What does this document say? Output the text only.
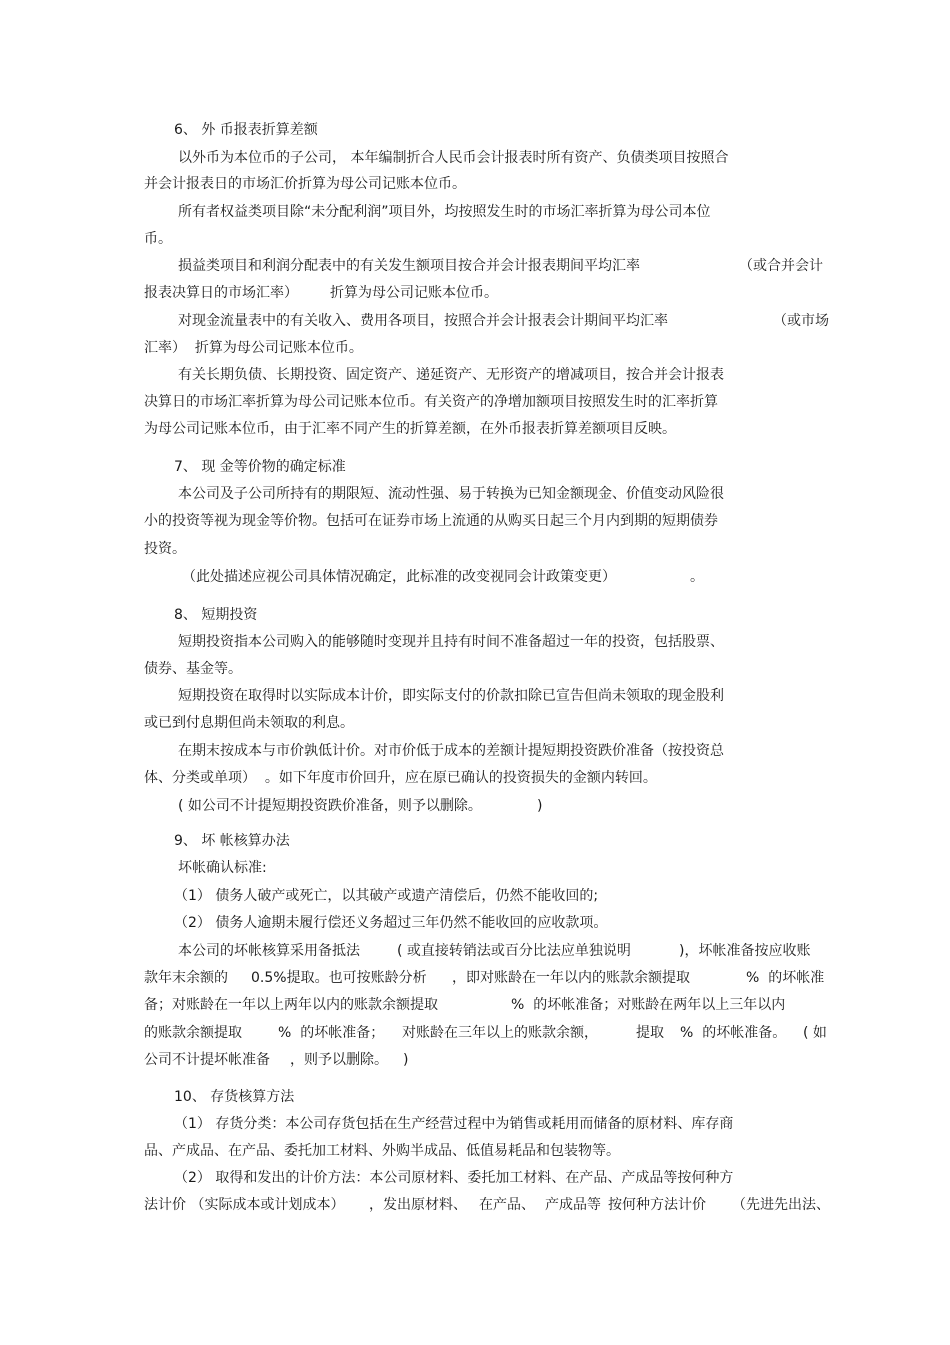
6、 外 币报表折算差额
以外币为本位币的子公司， 本年编制折合人民币会计报表时所有资产、负债类项目按照合
并会计报表日的市场汇价折算为母公司记账本位币。
所有者权益类项目除“未分配利润”项目外，均按照发生时的市场汇率折算为母公司本位
币。
损益类项目和利润分配表中的有关发生额项目按合并会计报表期间平均汇率	（或合并会计
报表决算日的市场汇率） 折算为母公司记账本位币。
对现金流量表中的有关收入、费用各项目，按照合并会计报表会计期间平均汇率	（或市场
汇率）  折算为母公司记账本位币。
有关长期负债、长期投资、固定资产、递延资产、无形资产的增减项目，按合并会计报表
决算日的市场汇率折算为母公司记账本位币。有关资产的净增加额项目按照发生时的汇率折算
为母公司记账本位币，由于汇率不同产生的折算差额，在外币报表折算差额项目反映。
7、 现 金等价物的确定标准
本公司及子公司所持有的期限短、流动性强、易于转换为已知金额现金、价值变动风险很
小的投资等视为现金等价物。包括可在证券市场上流通的从购买日起三个月内到期的短期债券
投资。
（此处描述应视公司具体情况确定，此标准的改变视同会计政策变更）	。
8、 短期投资
短期投资指本公司购入的能够随时变现并且持有时间不准备超过一年的投资，包括股票、
债券、基金等。
短期投资在取得时以实际成本计价，即实际支付的价款扣除已宣告但尚未领取的现金股利
或已到付息期但尚未领取的利息。
在期末按成本与市价孰低计价。对市价低于成本的差额计提短期投资跌价准备（按投资总
体、分类或单项）  。如下年度市价回升，应在原已确认的投资损失的金额内转回。
( 如公司不计提短期投资跌价准备，则予以删除。	)
9、 坏 帐核算办法
坏帐确认标准:
（1） 债务人破产或死亡，以其破产或遗产清偿后，仍然不能收回的;
（2） 债务人逾期未履行偿还义务超过三年仍然不能收回的应收款项。
本公司的坏帐核算采用备抵法	( 或直接转销法或百分比法应单独说明	)，坏帐准备按应收账
款年末余额的 0.5%提取。也可按账龄分析 ，即对账龄在一年以内的账款余额提取	%  的坏帐准
备；对账龄在一年以上两年以内的账款余额提取	%  的坏帐准备；对账龄在两年以上三年以内
的账款余额提取	%  的坏帐准备； 对账龄在三年以上的账款余额，	提取 %  的坏帐准备。 ( 如
公司不计提坏帐准备 ，则予以删除。 )
10、 存货核算方法
（1） 存货分类：本公司存货包括在生产经营过程中为销售或耗用而储备的原材料、库存商
品、产成品、在产品、委托加工材料、外购半成品、低值易耗品和包装物等。
（2） 取得和发出的计价方法：本公司原材料、委托加工材料、在产品、产成品等按何种方
法计价 （实际成本或计划成本） ，发出原材料、 在产品、 产成品等 按何种方法计价 （先进先出法、
